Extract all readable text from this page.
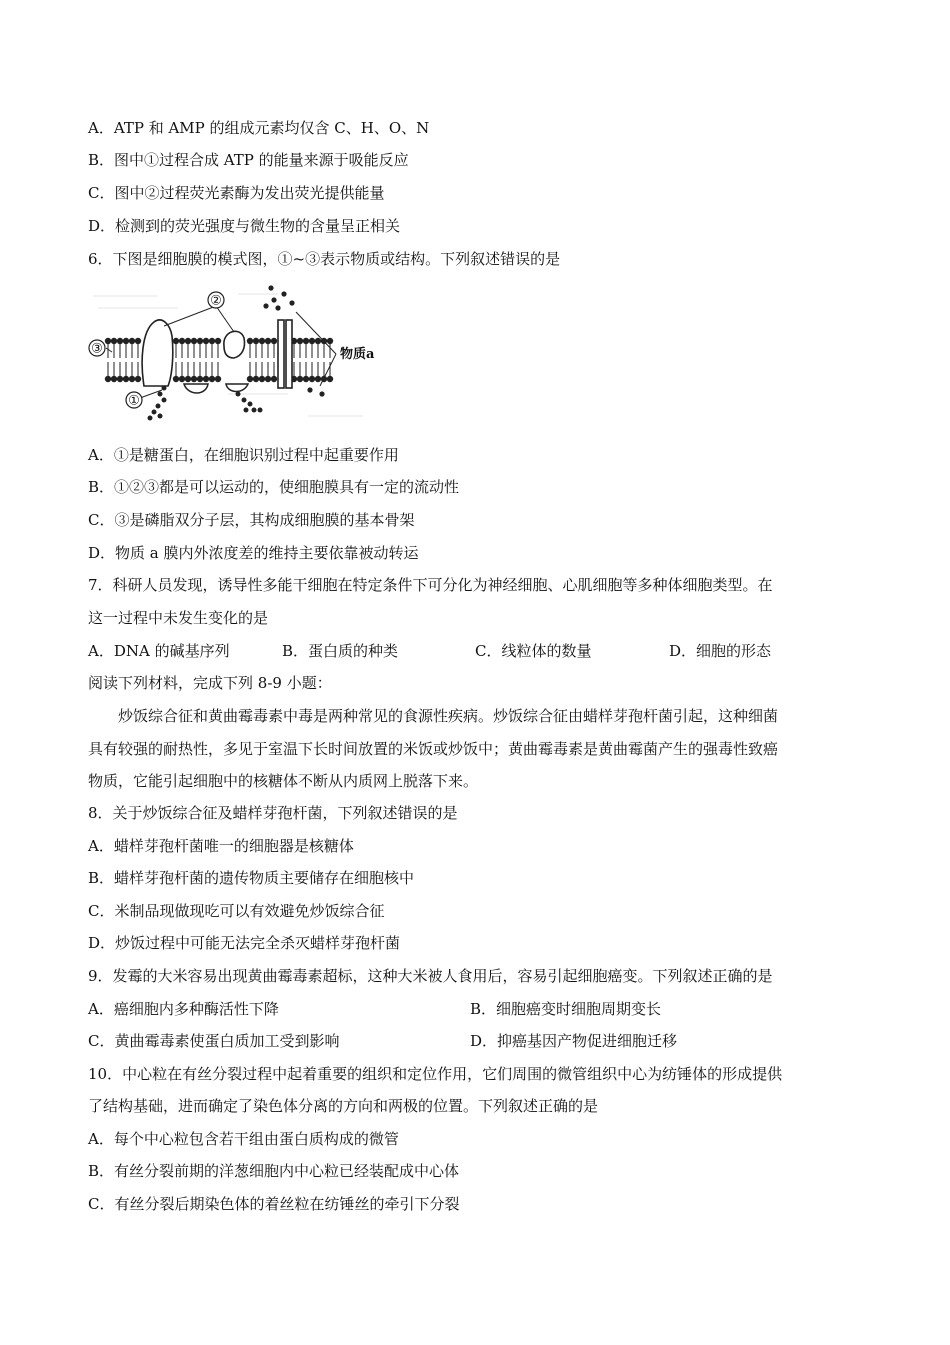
A．ATP 和 AMP 的组成元素均仅含 C、H、O、N
B．图中①过程合成 ATP 的能量来源于吸能反应
C．图中②过程荧光素酶为发出荧光提供能量
D．检测到的荧光强度与微生物的含量呈正相关
6．下图是细胞膜的模式图，①~③表示物质或结构。下列叙述错误的是
②
③
①
物质a
A．①是糖蛋白，在细胞识别过程中起重要作用
B．①②③都是可以运动的，使细胞膜具有一定的流动性
C．③是磷脂双分子层，其构成细胞膜的基本骨架
D．物质 a 膜内外浓度差的维持主要依靠被动转运
7．科研人员发现，诱导性多能干细胞在特定条件下可分化为神经细胞、心肌细胞等多种体细胞类型。在
这一过程中未发生变化的是
A．DNA 的碱基序列	B．蛋白质的种类	C．线粒体的数量	D．细胞的形态
阅读下列材料，完成下列 8-9 小题：
炒饭综合征和黄曲霉毒素中毒是两种常见的食源性疾病。炒饭综合征由蜡样芽孢杆菌引起，这种细菌
具有较强的耐热性，多见于室温下长时间放置的米饭或炒饭中；黄曲霉毒素是黄曲霉菌产生的强毒性致癌
物质，它能引起细胞中的核糖体不断从内质网上脱落下来。
8．关于炒饭综合征及蜡样芽孢杆菌，下列叙述错误的是
A．蜡样芽孢杆菌唯一的细胞器是核糖体
B．蜡样芽孢杆菌的遗传物质主要储存在细胞核中
C．米制品现做现吃可以有效避免炒饭综合征
D．炒饭过程中可能无法完全杀灭蜡样芽孢杆菌
9．发霉的大米容易出现黄曲霉毒素超标，这种大米被人食用后，容易引起细胞癌变。下列叙述正确的是
A．癌细胞内多种酶活性下降	B．细胞癌变时细胞周期变长
C．黄曲霉毒素使蛋白质加工受到影响	D．抑癌基因产物促进细胞迁移
10．中心粒在有丝分裂过程中起着重要的组织和定位作用，它们周围的微管组织中心为纺锤体的形成提供
了结构基础，进而确定了染色体分离的方向和两极的位置。下列叙述正确的是
A．每个中心粒包含若干组由蛋白质构成的微管
B．有丝分裂前期的洋葱细胞内中心粒已经装配成中心体
C．有丝分裂后期染色体的着丝粒在纺锤丝的牵引下分裂
